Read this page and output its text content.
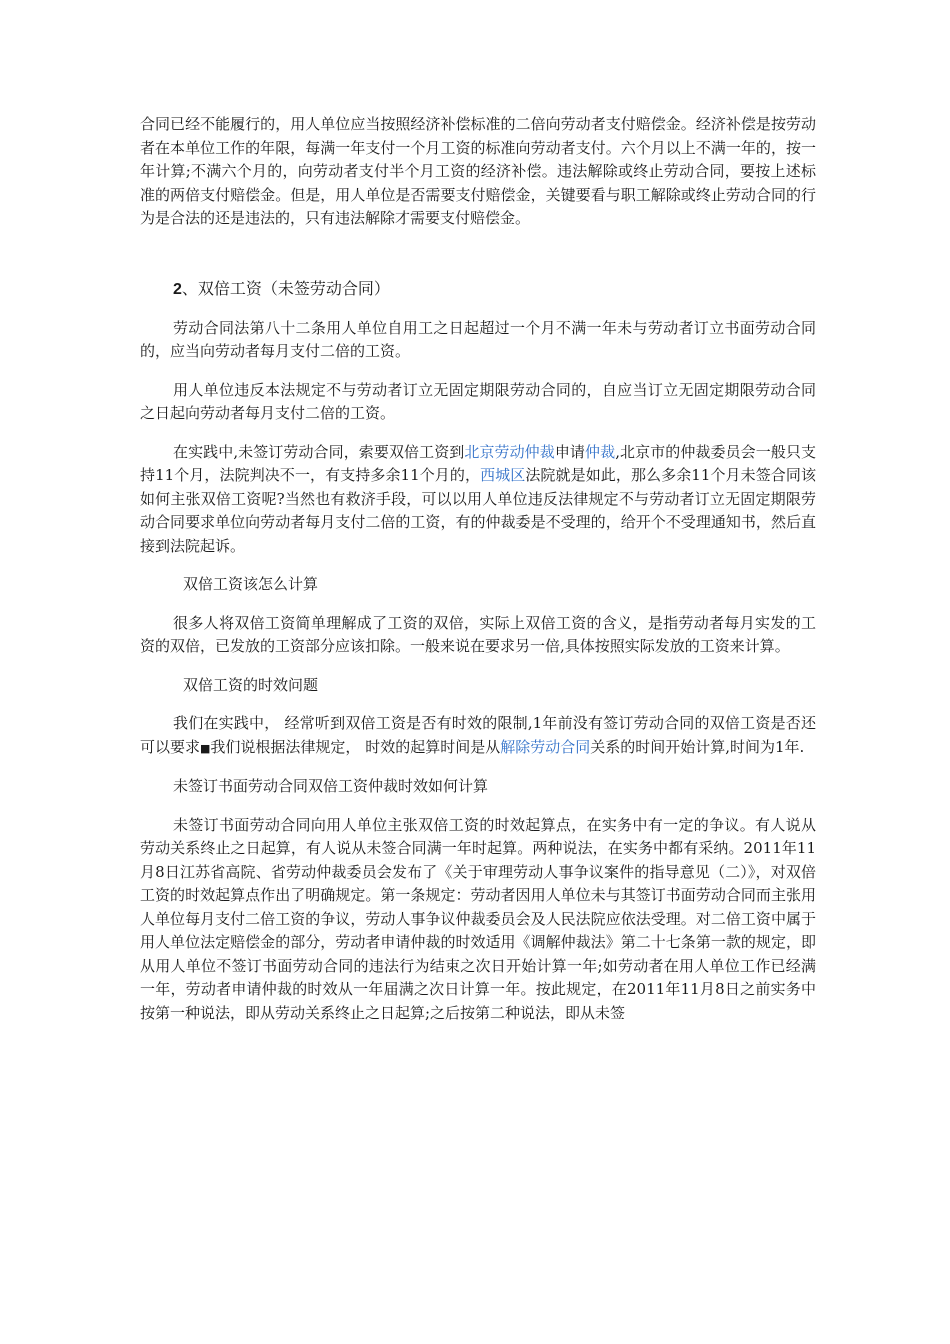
合同已经不能履行的，用人单位应当按照经济补偿标准的二倍向劳动者支付赔偿金。经济补偿是按劳动者在本单位工作的年限，每满一年支付一个月工资的标准向劳动者支付。六个月以上不满一年的，按一年计算;不满六个月的，向劳动者支付半个月工资的经济补偿。违法解除或终止劳动合同，要按上述标准的两倍支付赔偿金。但是，用人单位是否需要支付赔偿金，关键要看与职工解除或终止劳动合同的行为是合法的还是违法的，只有违法解除才需要支付赔偿金。

2、双倍工资（未签劳动合同）

劳动合同法第八十二条用人单位自用工之日起超过一个月不满一年未与劳动者订立书面劳动合同的，应当向劳动者每月支付二倍的工资。

用人单位违反本法规定不与劳动者订立无固定期限劳动合同的，自应当订立无固定期限劳动合同之日起向劳动者每月支付二倍的工资。

在实践中,未签订劳动合同，索要双倍工资到北京劳动仲裁申请仲裁,北京市的仲裁委员会一般只支持11个月，法院判决不一，有支持多余11个月的，西城区法院就是如此，那么多余11个月未签合同该如何主张双倍工资呢?当然也有救济手段，可以以用人单位违反法律规定不与劳动者订立无固定期限劳动合同要求单位向劳动者每月支付二倍的工资，有的仲裁委是不受理的，给开个不受理通知书，然后直接到法院起诉。

双倍工资该怎么计算

很多人将双倍工资简单理解成了工资的双倍，实际上双倍工资的含义，是指劳动者每月实发的工资的双倍，已发放的工资部分应该扣除。一般来说在要求另一倍,具体按照实际发放的工资来计算。

双倍工资的时效问题

我们在实践中， 经常听到双倍工资是否有时效的限制,1年前没有签订劳动合同的双倍工资是否还可以要求■我们说根据法律规定， 时效的起算时间是从解除劳动合同关系的时间开始计算,时间为1年.

未签订书面劳动合同双倍工资仲裁时效如何计算

未签订书面劳动合同向用人单位主张双倍工资的时效起算点，在实务中有一定的争议。有人说从劳动关系终止之日起算，有人说从未签合同满一年时起算。两种说法，在实务中都有采纳。2011年11月8日江苏省高院、省劳动仲裁委员会发布了《关于审理劳动人事争议案件的指导意见（二）》，对双倍工资的时效起算点作出了明确规定。第一条规定：劳动者因用人单位未与其签订书面劳动合同而主张用人单位每月支付二倍工资的争议，劳动人事争议仲裁委员会及人民法院应依法受理。对二倍工资中属于用人单位法定赔偿金的部分，劳动者申请仲裁的时效适用《调解仲裁法》第二十七条第一款的规定，即从用人单位不签订书面劳动合同的违法行为结束之次日开始计算一年;如劳动者在用人单位工作已经满一年，劳动者申请仲裁的时效从一年届满之次日计算一年。按此规定，在2011年11月8日之前实务中按第一种说法，即从劳动关系终止之日起算;之后按第二种说法，即从未签
